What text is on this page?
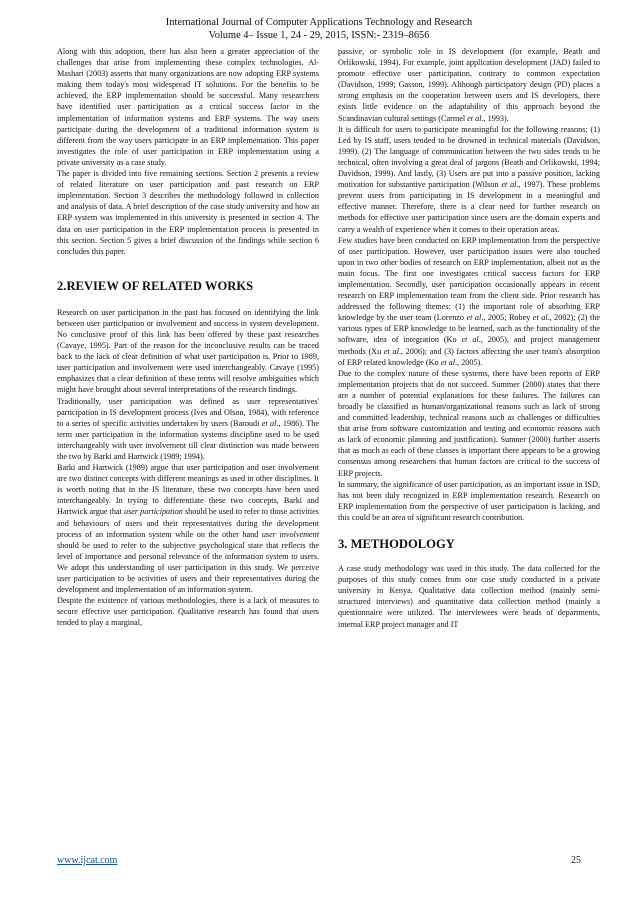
International Journal of Computer Applications Technology and Research
Volume 4– Issue 1, 24 - 29, 2015, ISSN:- 2319–8656

Along with this adoption, there has also been a greater appreciation of the challenges that arise from implementing these complex technologies. Al-Mashari (2003) asserts that many organizations are now adopting ERP systems making them today's most widespread IT solutions. For the benefits to be achieved, the ERP implementation should be successful. Many researchers have identified user participation as a critical success factor in the implementation of information systems and ERP systems. The way users participate during the development of a traditional information system is different from the way users participate in an ERP implementation. This paper investigates the role of user participation in ERP implementation using a private university as a case study.

The paper is divided into five remaining sections. Section 2 presents a review of related literature on user participation and past research on ERP implementation. Section 3 describes the methodology followed in collection and analysis of data. A brief description of the case study university and how an ERP system was implemented in this university is presented in section 4. The data on user participation in the ERP implementation process is presented in this section. Section 5 gives a brief discussion of the findings while section 6 concludes this paper.

2.REVIEW OF RELATED WORKS

Research on user participation in the past has focused on identifying the link between user participation or involvement and success in system development. No conclusive proof of this link has been offered by these past researches (Cavaye, 1995). Part of the reason for the inconclusive results can be traced back to the lack of clear definition of what user participation is. Prior to 1989, user participation and involvement were used interchangeably. Cavaye (1995) emphasizes that a clear definition of these terms will resolve ambiguities which might have brought about several interpretations of the research findings.

Traditionally, user participation was defined as user representatives' participation in IS development process (Ives and Olson, 1984), with reference to a series of specific activities undertaken by users (Baroudi et al., 1986). The term user participation in the information systems discipline used to be used interchangeably with user involvement till clear distinction was made between the two by Barki and Hartwick (1989; 1994).

Barki and Hartwick (1989) argue that user participation and user involvement are two distinct concepts with different meanings as used in other disciplines. It is worth noting that in the IS literature, these two concepts have been used interchangeably. In trying to differentiate these two concepts, Barki and Hartwick argue that user participation should be used to refer to those activities and behaviours of users and their representatives during the development process of an information system while on the other hand user involvement should be used to refer to the subjective psychological state that reflects the level of importance and personal relevance of the information system to users. We adopt this understanding of user participation in this study. We perceive user participation to be activities of users and their representatives during the development and implementation of an information system.

Despite the existence of various methodologies, there is a lack of measures to secure effective user participation. Qualitative research has found that users tended to play a marginal,

passive, or symbolic role in IS development (for example, Beath and Orlikowski, 1994). For example, joint application development (JAD) failed to promote effective user participation, contrary to common expectation (Davidson, 1999; Gasson, 1999). Although participatory design (PD) places a strong emphasis on the cooperation between users and IS developers, there exists little evidence on the adaptability of this approach beyond the Scandinavian cultural settings (Carmel et al., 1993).

It is difficult for users to participate meaningful for the following reasons; (1) Led by IS staff, users tended to be drowned in technical materials (Davidson, 1999). (2) The language of communication between the two sides tends to be technical, often involving a great deal of jargons (Beath and Orlikowski, 1994; Davidson, 1999). And lastly, (3) Users are put into a passive position, lacking motivation for substantive participation (Wilson et al., 1997). These problems prevent users from participating in IS development in a meaningful and effective manner. Therefore, there is a clear need for further research on methods for effective user participation since users are the domain experts and carry a wealth of experience when it comes to their operation areas.

Few studies have been conducted on ERP implementation from the perspective of user participation. However, user participation issues were also touched upon in two other bodies of research on ERP implementation, albeit not as the main focus. The first one investigates critical success factors for ERP implementation. Secondly, user participation occasionally appears in recent research on ERP implementation team from the client side. Prior research has addressed the following themes: (1) the important role of absorbing ERP knowledge by the user team (Lorenzo et al., 2005; Robey et al., 2002); (2) the various types of ERP knowledge to be learned, such as the functionality of the software, idea of integration (Ko et al., 2005), and project management methods (Xu et al., 2006); and (3) factors affecting the user team's absorption of ERP related knowledge (Ko et al., 2005).

Due to the complex nature of these systems, there have been reports of ERP implementation projects that do not succeed. Summer (2000) states that there are a number of potential explanations for these failures. The failures can broadly be classified as human/organizational reasons such as lack of strong and committed leadership, technical reasons such as challenges or difficulties that arise from software customization and testing and economic reasons such as lack of economic planning and justification). Sumner (2000) further asserts that as much as each of these classes is important there appears to be a growing consensus among researchers that human factors are critical to the success of ERP projects.

In summary, the significance of user participation, as an important issue in ISD, has not been duly recognized in ERP implementation research. Research on ERP implementation from the perspective of user participation is lacking, and this could be an area of significant research contribution.

3. METHODOLOGY

A case study methodology was used in this study. The data collected for the purposes of this study comes from one case study conducted in a private university in Kenya. Qualitative data collection method (mainly semi-structured interviews) and quantitative data collection method (mainly a questionnaire were utilized. The interviewees were heads of departments, internal ERP project manager and IT

www.ijcat.com	25
